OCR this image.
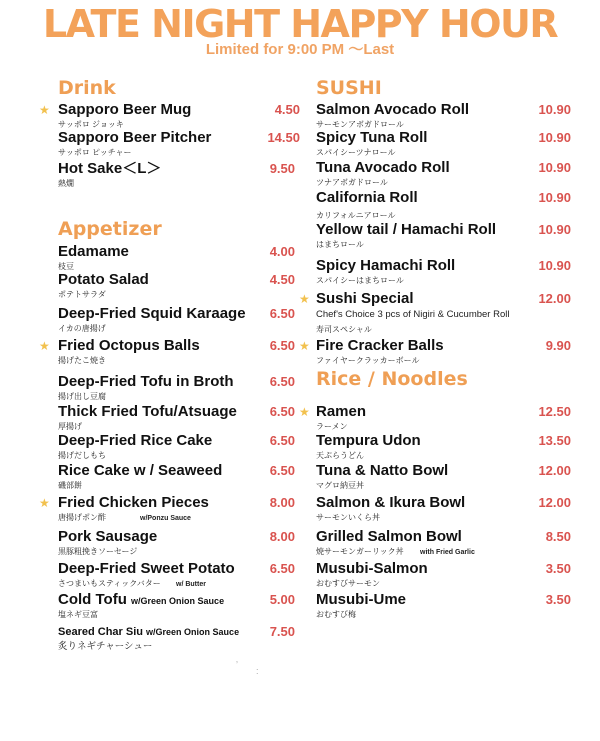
LATE NIGHT HAPPY HOUR
Limited for 9:00 PM ～Last
Drink
★ Sapporo Beer Mug	4.50
サッポロ ジョッキ
Sapporo Beer Pitcher	14.50
サッポロ ピッチャー
Hot Sake＜L＞	9.50
熱燗
Appetizer
Edamame	4.00
枝豆
Potato Salad	4.50
ポテトサラダ
Deep-Fried Squid Karaage 6.50
イカの唐揚げ
★ Fried Octopus Balls	6.50
揚げたこ焼き
Deep-Fried Tofu in Broth	6.50
揚げ出し豆腐
Thick Fried Tofu/Atsuage	6.50
厚揚げ
Deep-Fried Rice Cake	6.50
揚げだしもち
Rice Cake w / Seaweed	6.50
磯部餅
★ Fried Chicken Pieces	8.00
唐揚げポン酢	w/Ponzu Sauce
Pork Sausage	8.00
黒豚粗挽きソーセージ
Deep-Fried Sweet Potato	6.50
さつまいもスティックバター w/ Butter
Cold Tofu w/Green Onion Sauce	5.00
塩ネギ豆富
Seared Char Siu w/Green Onion Sauce 7.50
炙りネギチャーシュー
SUSHI
Salmon Avocado Roll	10.90
サーモンアボガドロール
Spicy Tuna Roll	10.90
スパイシーツナロール
Tuna Avocado Roll	10.90
ツナアボガドロール
California Roll	10.90
カリフォルニアロール
Yellow tail / Hamachi Roll	10.90
はまちロール
Spicy Hamachi Roll	10.90
スパイシーはまちロール
★ Sushi Special	12.00
Chef's Choice 3 pcs of Nigiri & Cucumber Roll
寿司スペシャル
★ Fire Cracker Balls	9.90
ファイヤークラッカーボール
Rice / Noodles
★ Ramen	12.50
ラーメン
Tempura Udon	13.50
天ぷらうどん
Tuna & Natto Bowl	12.00
マグロ納豆丼
Salmon & Ikura Bowl	12.00
サーモンいくら丼
Grilled Salmon Bowl	8.50
焼サーモンガーリック丼 with Fried Garlic
Musubi-Salmon	3.50
おむすびサーモン
Musubi-Ume	3.50
おむすび梅
ʼ
˸
